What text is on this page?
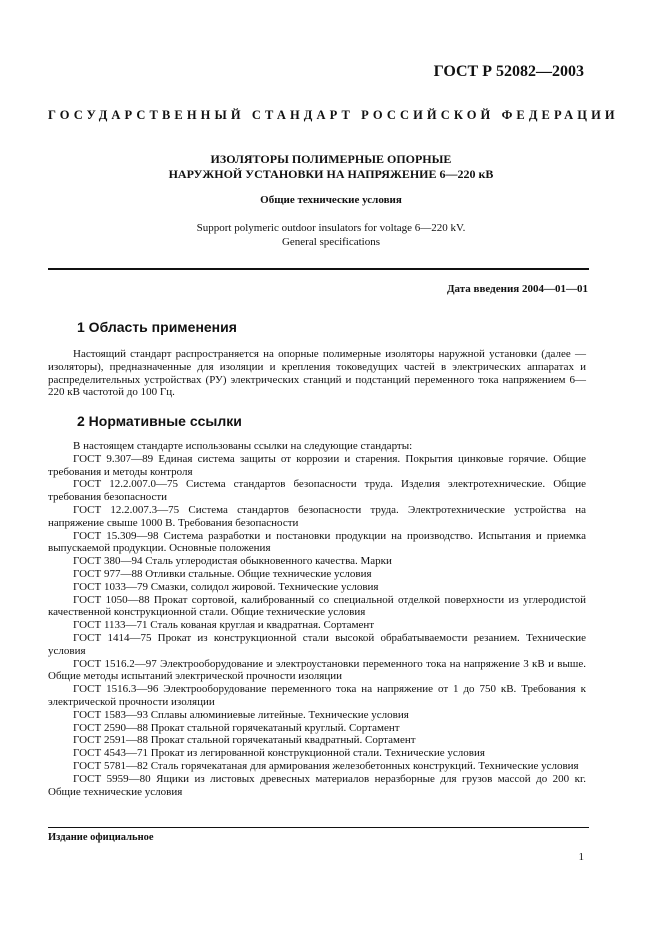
ГОСТ Р 52082—2003
ГОСУДАРСТВЕННЫЙ СТАНДАРТ РОССИЙСКОЙ ФЕДЕРАЦИИ
ИЗОЛЯТОРЫ ПОЛИМЕРНЫЕ ОПОРНЫЕ
НАРУЖНОЙ УСТАНОВКИ НА НАПРЯЖЕНИЕ 6—220 кВ
Общие технические условия
Support polymeric outdoor insulators for voltage 6—220 kV.
General specifications
Дата введения 2004—01—01
1 Область применения

Настоящий стандарт распространяется на опорные полимерные изоляторы наружной установки (далее — изоляторы), предназначенные для изоляции и крепления токоведущих частей в электрических аппаратах и распределительных устройствах (РУ) электрических станций и подстанций переменного тока напряжением 6—220 кВ частотой до 100 Гц.

2 Нормативные ссылки

В настоящем стандарте использованы ссылки на следующие стандарты:

ГОСТ 9.307—89 Единая система защиты от коррозии и старения. Покрытия цинковые горячие. Общие требования и методы контроля

ГОСТ 12.2.007.0—75 Система стандартов безопасности труда. Изделия электротехнические. Общие требования безопасности

ГОСТ 12.2.007.3—75 Система стандартов безопасности труда. Электротехнические устройства на напряжение свыше 1000 В. Требования безопасности

ГОСТ 15.309—98 Система разработки и постановки продукции на производство. Испытания и приемка выпускаемой продукции. Основные положения

ГОСТ 380—94 Сталь углеродистая обыкновенного качества. Марки

ГОСТ 977—88 Отливки стальные. Общие технические условия

ГОСТ 1033—79 Смазки, солидол жировой. Технические условия

ГОСТ 1050—88 Прокат сортовой, калиброванный со специальной отделкой поверхности из углеродистой качественной конструкционной стали. Общие технические условия

ГОСТ 1133—71 Сталь кованая круглая и квадратная. Сортамент

ГОСТ 1414—75 Прокат из конструкционной стали высокой обрабатываемости резанием. Технические условия

ГОСТ 1516.2—97 Электрооборудование и электроустановки переменного тока на напряжение 3 кВ и выше. Общие методы испытаний электрической прочности изоляции

ГОСТ 1516.3—96 Электрооборудование переменного тока на напряжение от 1 до 750 кВ. Требования к электрической прочности изоляции

ГОСТ 1583—93 Сплавы алюминиевые литейные. Технические условия

ГОСТ 2590—88 Прокат стальной горячекатаный круглый. Сортамент

ГОСТ 2591—88 Прокат стальной горячекатаный квадратный. Сортамент

ГОСТ 4543—71 Прокат из легированной конструкционной стали. Технические условия

ГОСТ 5781—82 Сталь горячекатаная для армирования железобетонных конструкций. Технические условия

ГОСТ 5959—80 Ящики из листовых древесных материалов неразборные для грузов массой до 200 кг. Общие технические условия

Издание официальное
1
